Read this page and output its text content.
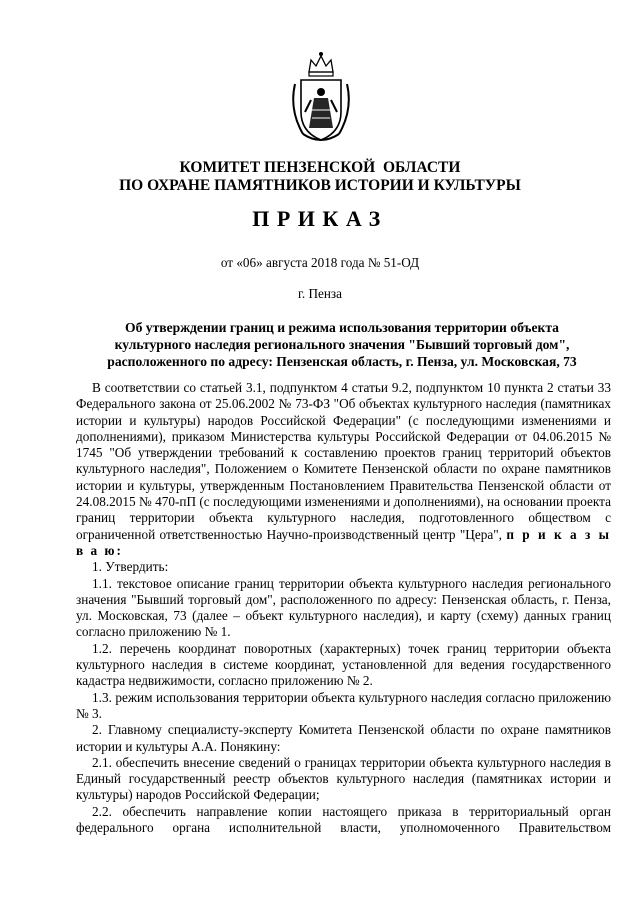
КОМИТЕТ ПЕНЗЕНСКОЙ  ОБЛАСТИ
ПО ОХРАНЕ ПАМЯТНИКОВ ИСТОРИИ И КУЛЬТУРЫ
ПРИКАЗ
от «06» августа 2018 года № 51-ОД
г. Пенза
Об утверждении границ и режима использования территории объекта
культурного наследия регионального значения "Бывший торговый дом",
расположенного по адресу: Пензенская область, г. Пенза, ул. Московская, 73

В соответствии со статьей 3.1, подпунктом 4 статьи 9.2, подпунктом 10 пункта 2 статьи 33 Федерального закона от 25.06.2002 № 73-ФЗ "Об объектах культурного наследия (памятниках истории и культуры) народов Российской Федерации" (с последующими изменениями и дополнениями), приказом Министерства культуры Российской Федерации от 04.06.2015 № 1745 "Об утверждении требований к составлению проектов границ территорий объектов культурного наследия", Положением о Комитете Пензенской области по охране памятников истории и культуры, утвержденным Постановлением Правительства Пензенской области от 24.08.2015 № 470-пП (с последующими изменениями и дополнениями), на основании проекта границ территории объекта культурного наследия, подготовленного обществом с ограниченной ответственностью Научно-производственный центр "Цера", п р и к а з ы в а ю:

1. Утвердить:

1.1. текстовое описание границ территории объекта культурного наследия регионального значения "Бывший торговый дом", расположенного по адресу: Пензенская область, г. Пенза, ул. Московская, 73 (далее – объект культурного наследия), и карту (схему) данных границ согласно приложению № 1.

1.2. перечень координат поворотных (характерных) точек границ территории объекта культурного наследия в системе координат, установленной для ведения государственного кадастра недвижимости, согласно приложению № 2.

1.3. режим использования территории объекта культурного наследия согласно приложению № 3.

2. Главному специалисту-эксперту Комитета Пензенской области по охране памятников истории и культуры А.А. Понякину:

2.1. обеспечить внесение сведений о границах территории объекта культурного наследия в Единый государственный реестр объектов культурного наследия (памятниках истории и культуры) народов Российской Федерации;

2.2. обеспечить направление копии настоящего приказа в территориальный орган федерального органа исполнительной власти, уполномоченного Правительством
